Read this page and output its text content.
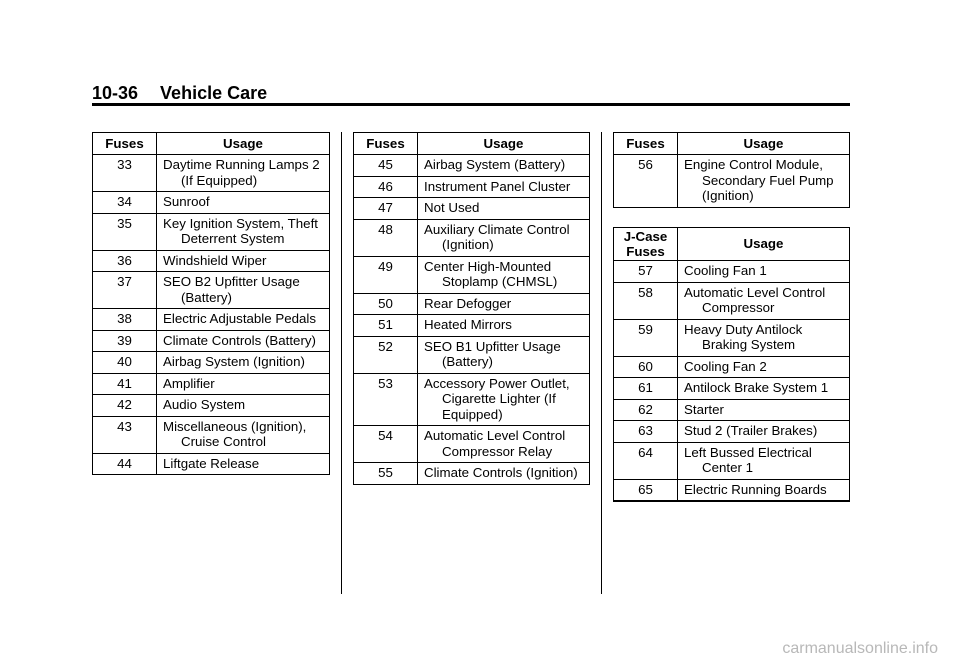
10-36 Vehicle Care
Fuses	Usage
33	Daytime Running Lamps 2 (If Equipped)

34	Sunroof

35	Key Ignition System, Theft Deterrent System

36	Windshield Wiper

37	SEO B2 Upfitter Usage (Battery)

38	Electric Adjustable Pedals

39	Climate Controls (Battery)

40	Airbag System (Ignition)

41	Amplifier

42	Audio System

43	Miscellaneous (Ignition), Cruise Control

44	Liftgate Release
Fuses	Usage
45	Airbag System (Battery)

46	Instrument Panel Cluster

47	Not Used

48	Auxiliary Climate Control (Ignition)

49	Center High-Mounted Stoplamp (CHMSL)

50	Rear Defogger

51	Heated Mirrors

52	SEO B1 Upfitter Usage (Battery)

53	Accessory Power Outlet, Cigarette Lighter (If Equipped)

54	Automatic Level Control Compressor Relay

55	Climate Controls (Ignition)
Fuses	Usage
56	Engine Control Module, Secondary Fuel Pump (Ignition)
J-Case
Fuses	Usage
57	Cooling Fan 1

58	Automatic Level Control Compressor

59	Heavy Duty Antilock Braking System

60	Cooling Fan 2

61	Antilock Brake System 1

62	Starter

63	Stud 2 (Trailer Brakes)

64	Left Bussed Electrical Center 1

65	Electric Running Boards
carmanualsonline.info
